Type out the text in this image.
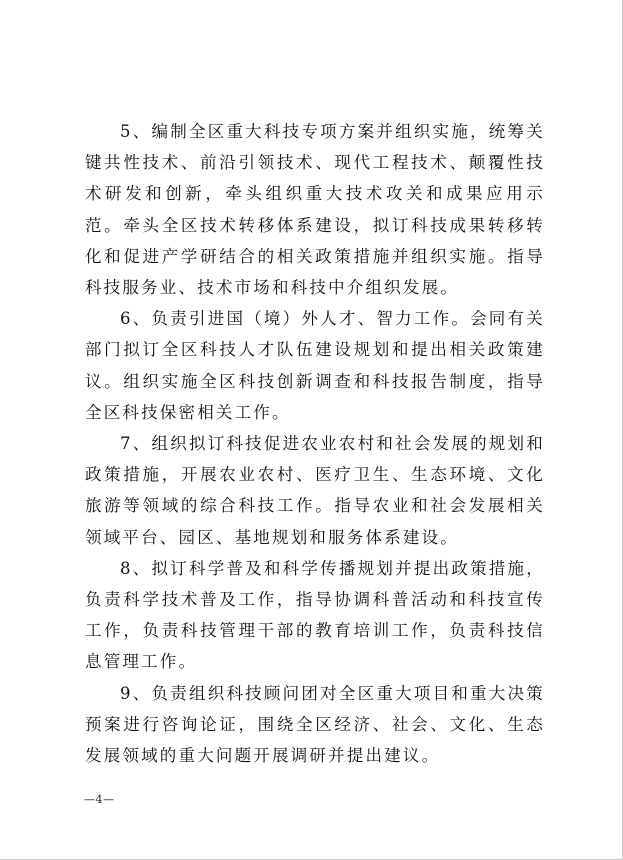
5、编制全区重大科技专项方案并组织实施，统筹关键共性技术、前沿引领技术、现代工程技术、颠覆性技术研发和创新，牵头组织重大技术攻关和成果应用示范。牵头全区技术转移体系建设，拟订科技成果转移转化和促进产学研结合的相关政策措施并组织实施。指导科技服务业、技术市场和科技中介组织发展。

6、负责引进国（境）外人才、智力工作。会同有关部门拟订全区科技人才队伍建设规划和提出相关政策建议。组织实施全区科技创新调查和科技报告制度，指导全区科技保密相关工作。

7、组织拟订科技促进农业农村和社会发展的规划和政策措施，开展农业农村、医疗卫生、生态环境、文化旅游等领域的综合科技工作。指导农业和社会发展相关领域平台、园区、基地规划和服务体系建设。

8、拟订科学普及和科学传播规划并提出政策措施，负责科学技术普及工作，指导协调科普活动和科技宣传工作，负责科技管理干部的教育培训工作，负责科技信息管理工作。

9、负责组织科技顾问团对全区重大项目和重大决策预案进行咨询论证，围绕全区经济、社会、文化、生态发展领域的重大问题开展调研并提出建议。

—4—
